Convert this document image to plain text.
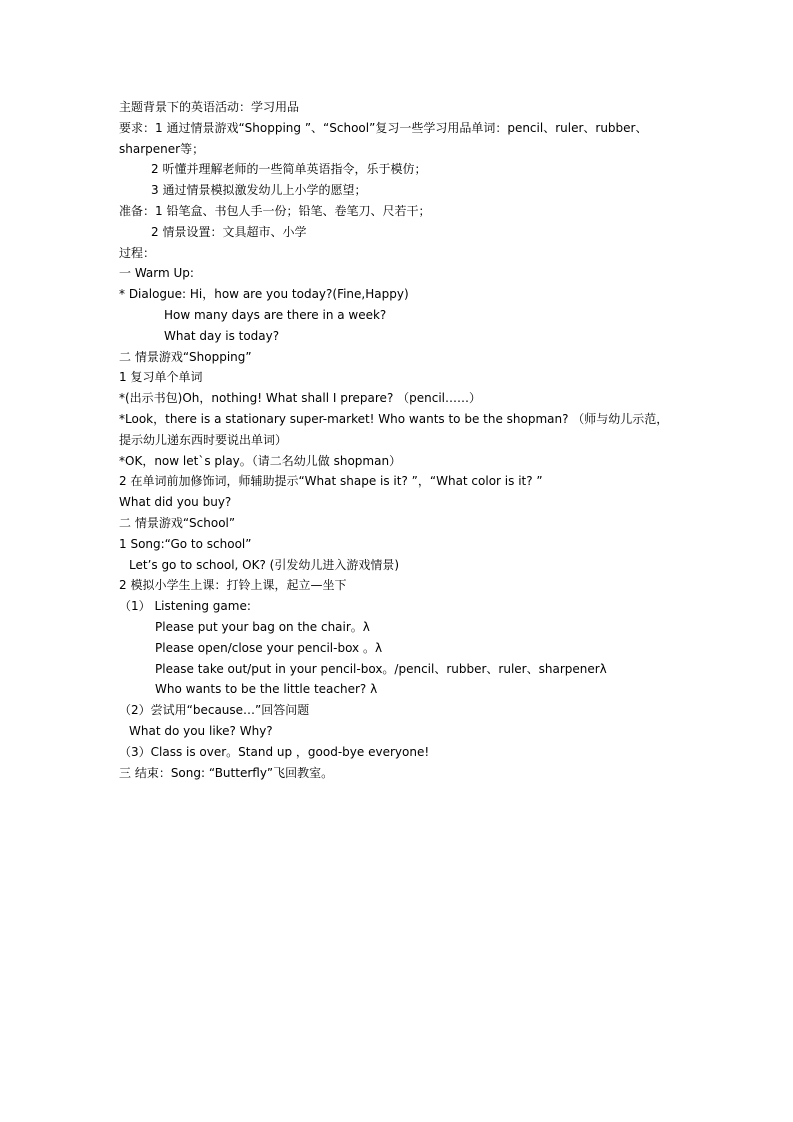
主题背景下的英语活动：学习用品
要求：1 通过情景游戏“Shopping ”、“School”复习一些学习用品单词：pencil、ruler、rubber、sharpener等；
2 听懂并理解老师的一些简单英语指令，乐于模仿；
3 通过情景模拟激发幼儿上小学的愿望；
准备：1 铅笔盒、书包人手一份；铅笔、卷笔刀、尺若干；
2 情景设置：文具超市、小学
过程：
一 Warm Up:
* Dialogue: Hi，how are you today?(Fine,Happy)
How many days are there in a week?
What day is today?
二 情景游戏“Shopping”
1 复习单个单词
*(出示书包)Oh，nothing! What shall I prepare? （pencil……）
*Look，there is a stationary super-market! Who wants to be the shopman? （师与幼儿示范，提示幼儿递东西时要说出单词）
*OK，now let`s play。（请二名幼儿做 shopman）
2 在单词前加修饰词，师辅助提示“What shape is it? ”，“What color is it? ”
What did you buy?
二 情景游戏“School”
1 Song:“Go to school”
Let’s go to school, OK? (引发幼儿进入游戏情景)
2 模拟小学生上课：打铃上课，起立—坐下
（1） Listening game:
Please put your bag on the chair。λ
Please open/close your pencil-box 。λ
Please take out/put in your pencil-box。/pencil、rubber、ruler、sharpenerλ
Who wants to be the little teacher? λ
（2）尝试用“because…”回答问题
What do you like? Why?
（3）Class is over。Stand up ，good-bye everyone!
三 结束：Song: “Butterfly”飞回教室。
